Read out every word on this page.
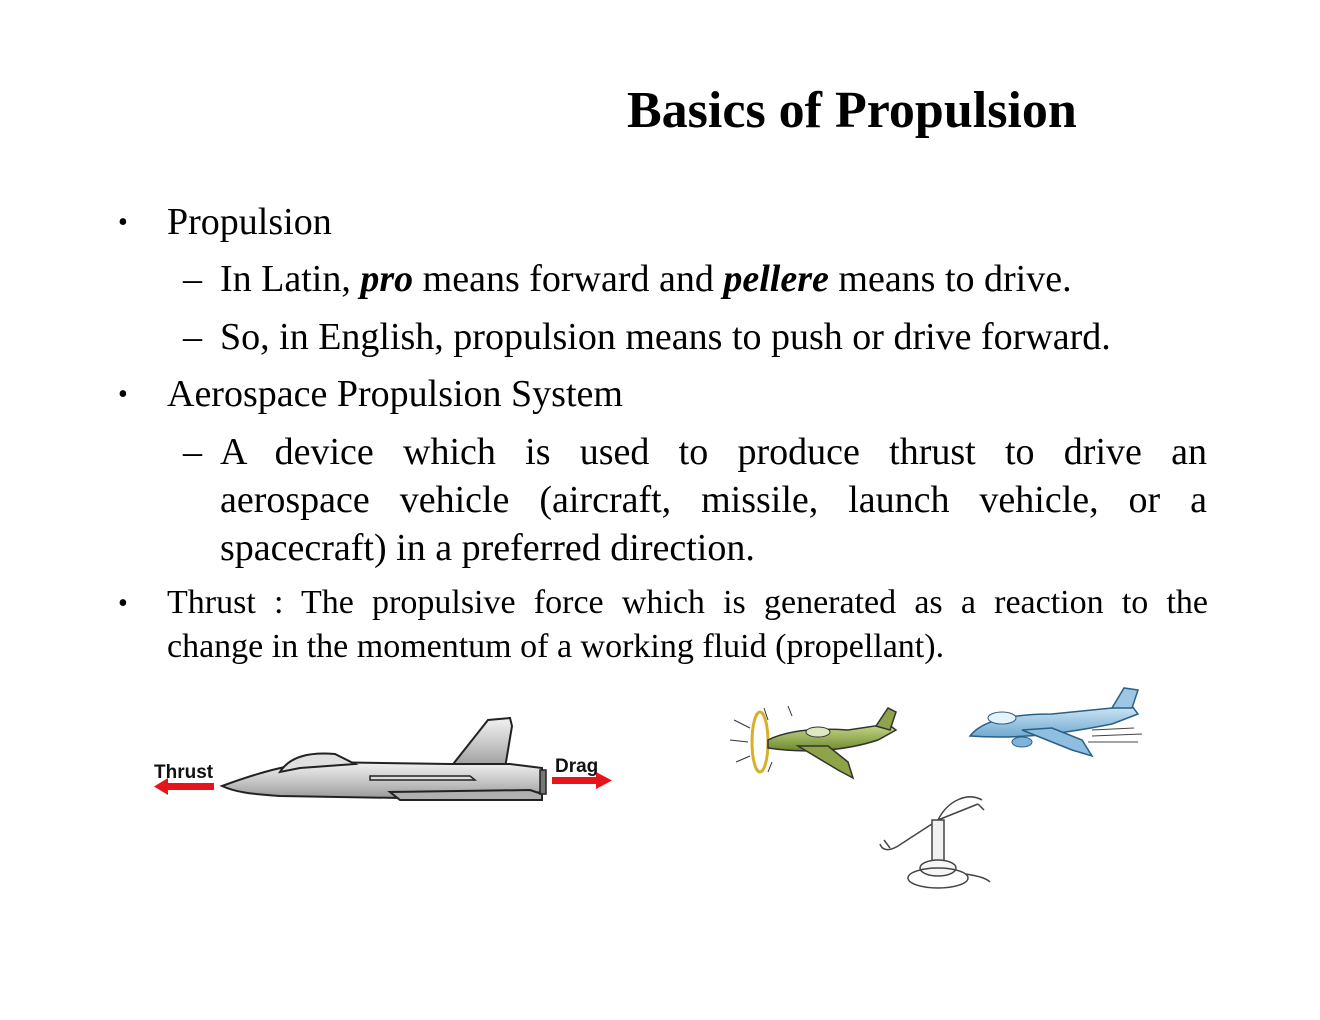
Basics of Propulsion
• Propulsion
– In Latin, pro means forward and pellere means to drive.
– So, in English, propulsion means to push or drive forward.
• Aerospace Propulsion System
– A device which is used to produce thrust to drive an
aerospace vehicle (aircraft, missile, launch vehicle, or a
spacecraft) in a preferred direction.
• Thrust : The propulsive force which is generated as a reaction to the
change in the momentum of a working fluid (propellant).
Thrust	Drag
